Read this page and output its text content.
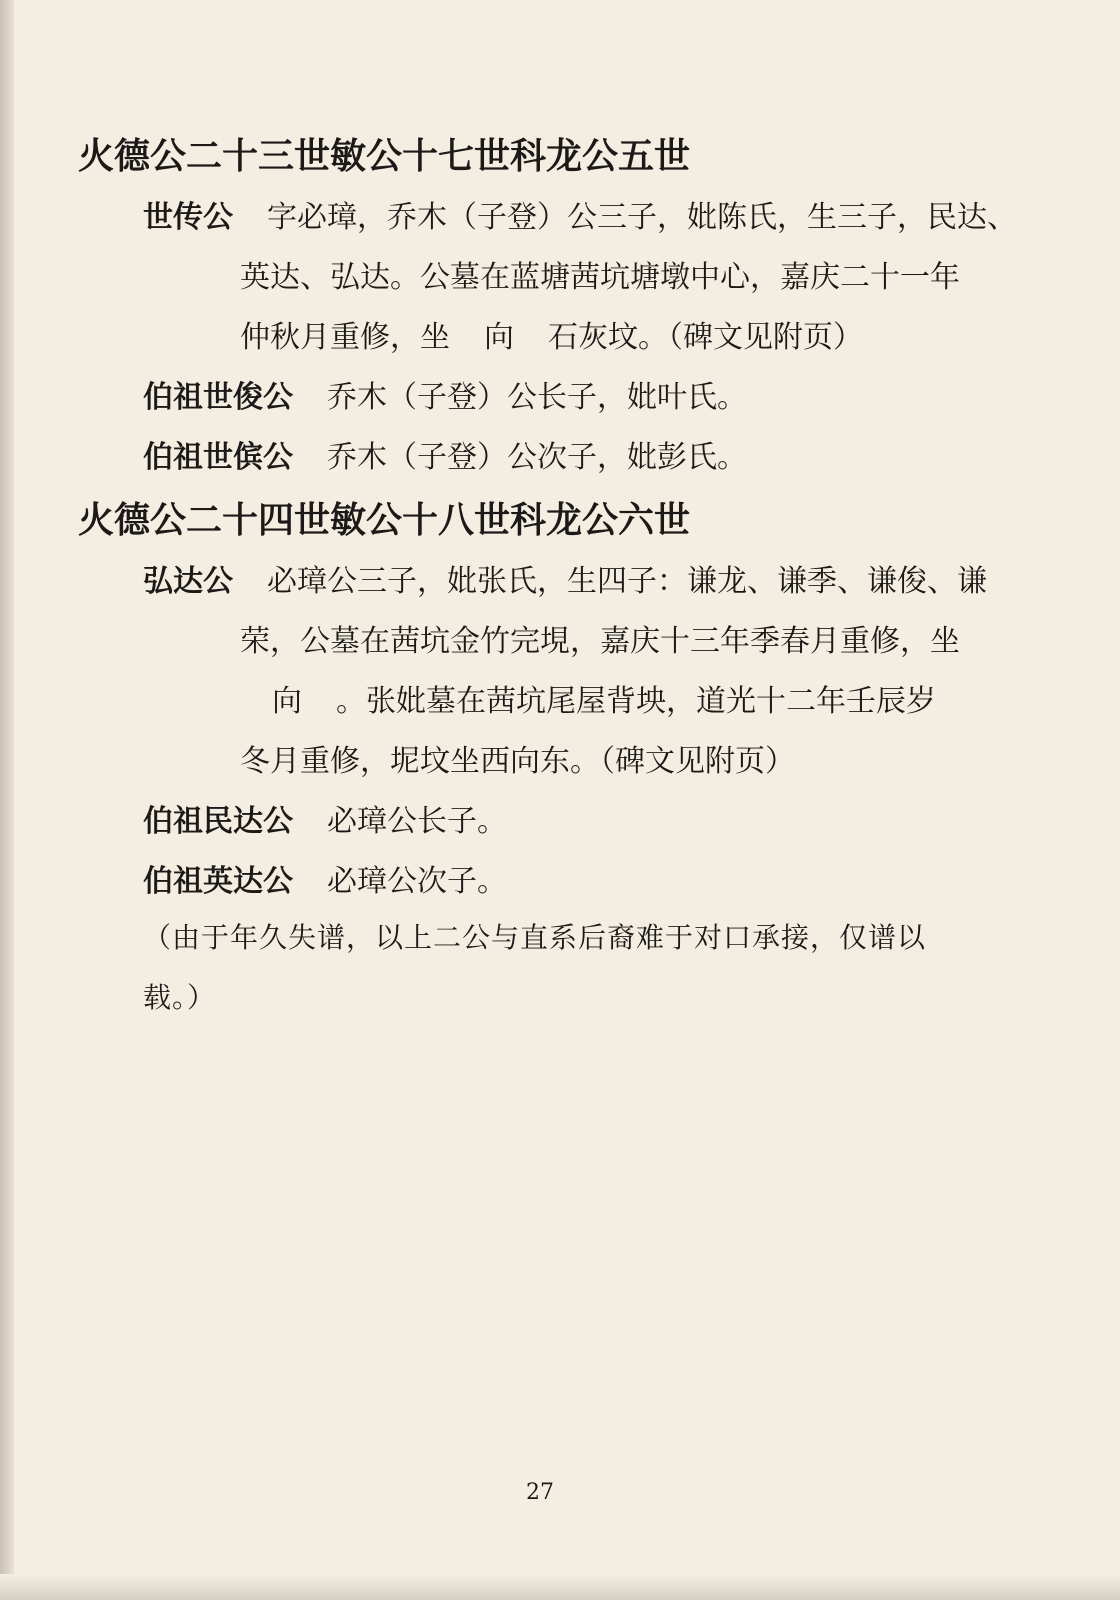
火德公二十三世敏公十七世科龙公五世
世传公 字必璋，乔木（子登）公三子，妣陈氏，生三子，民达、
英达、弘达。公墓在蓝塘茜坑塘墩中心，嘉庆二十一年
仲秋月重修，坐 向 石灰坟。（碑文见附页）
伯祖世俊公 乔木（子登）公长子，妣叶氏。
伯祖世傧公 乔木（子登）公次子，妣彭氏。
火德公二十四世敏公十八世科龙公六世
弘达公 必璋公三子，妣张氏，生四子：谦龙、谦季、谦俊、谦
荣，公墓在茜坑金竹完垷，嘉庆十三年季春月重修，坐
向 。张妣墓在茜坑尾屋背坱，道光十二年壬辰岁
冬月重修，坭坟坐西向东。（碑文见附页）
伯祖民达公 必璋公长子。
伯祖英达公 必璋公次子。
（由于年久失谱，以上二公与直系后裔难于对口承接，仅谱以
载。）
27
